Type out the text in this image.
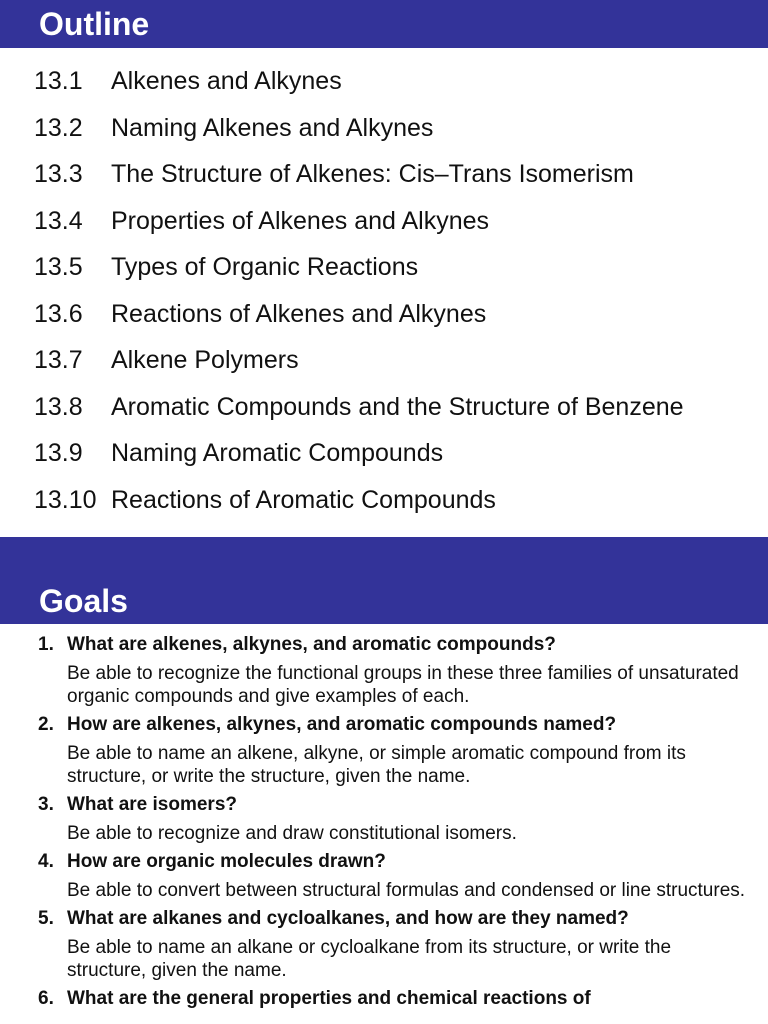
Outline
13.1 Alkenes and Alkynes
13.2 Naming Alkenes and Alkynes
13.3 The Structure of Alkenes: Cis–Trans Isomerism
13.4 Properties of Alkenes and Alkynes
13.5 Types of Organic Reactions
13.6 Reactions of Alkenes and Alkynes
13.7 Alkene Polymers
13.8 Aromatic Compounds and the Structure of Benzene
13.9 Naming Aromatic Compounds
13.10 Reactions of Aromatic Compounds
Goals
1. What are alkenes, alkynes, and aromatic compounds?
Be able to recognize the functional groups in these three families of unsaturated organic compounds and give examples of each.
2. How are alkenes, alkynes, and aromatic compounds named?
Be able to name an alkene, alkyne, or simple aromatic compound from its structure, or write the structure, given the name.
3. What are isomers?
Be able to recognize and draw constitutional isomers.
4. How are organic molecules drawn?
Be able to convert between structural formulas and condensed or line structures.
5. What are alkanes and cycloalkanes, and how are they named?
Be able to name an alkane or cycloalkane from its structure, or write the structure, given the name.
6. What are the general properties and chemical reactions of
